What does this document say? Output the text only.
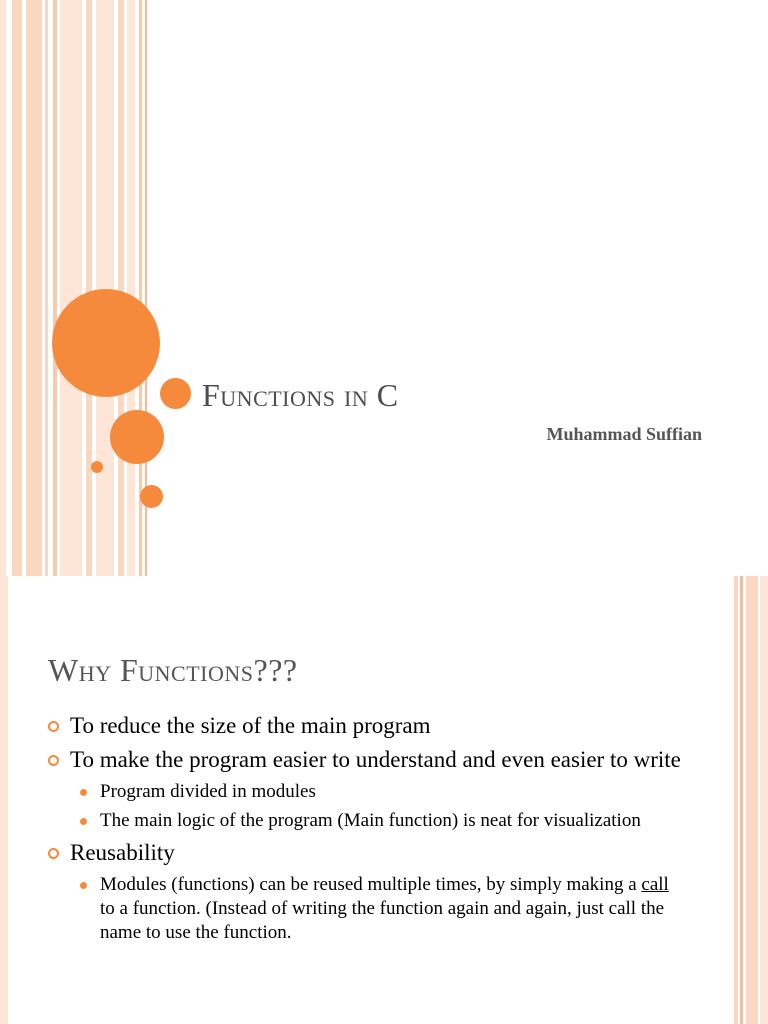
Functions in C
Muhammad Suffian
Why Functions???
To reduce the size of the main program
To make the program easier to understand and even easier to write
Program divided in modules
The main logic of the program (Main function) is neat for visualization
Reusability
Modules (functions) can be reused multiple times, by simply making a call to a function. (Instead of writing the function again and again, just call the name to use the function.
